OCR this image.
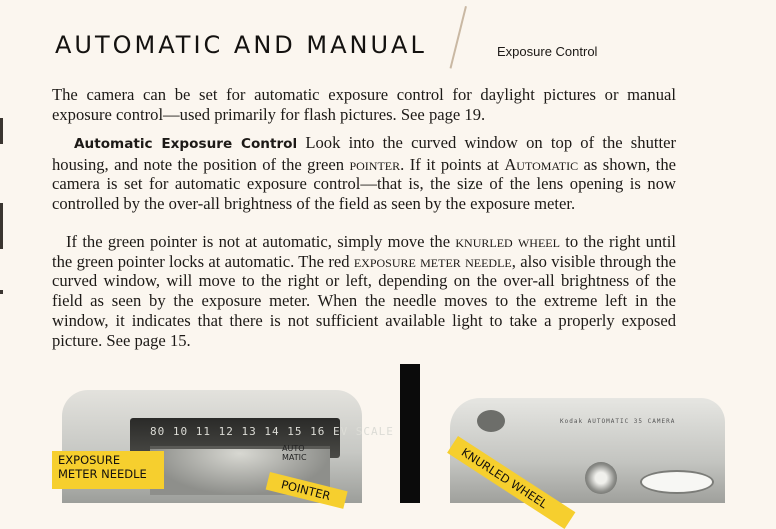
AUTOMATIC AND MANUAL	Exposure Control

The camera can be set for automatic exposure control for daylight pictures or manual exposure control—used primarily for flash pictures. See page 19.

Automatic Exposure Control Look into the curved window on top of the shutter housing, and note the position of the green pointer. If it points at Automatic as shown, the camera is set for automatic exposure control—that is, the size of the lens opening is now controlled by the over-all brightness of the field as seen by the exposure meter.

If the green pointer is not at automatic, simply move the knurled wheel to the right until the green pointer locks at automatic. The red exposure meter needle, also visible through the curved window, will move to the right or left, depending on the over-all brightness of the field as seen by the exposure meter. When the needle moves to the extreme left in the window, it indicates that there is not sufficient available light to take a properly exposed picture. See page 15.

80 10 11 12 13 14 15 16 EV SCALE
AUTO MATIC
Kodak AUTOMATIC 35 CAMERA
EXPOSURE
METER NEEDLE
POINTER	KNURLED WHEEL
